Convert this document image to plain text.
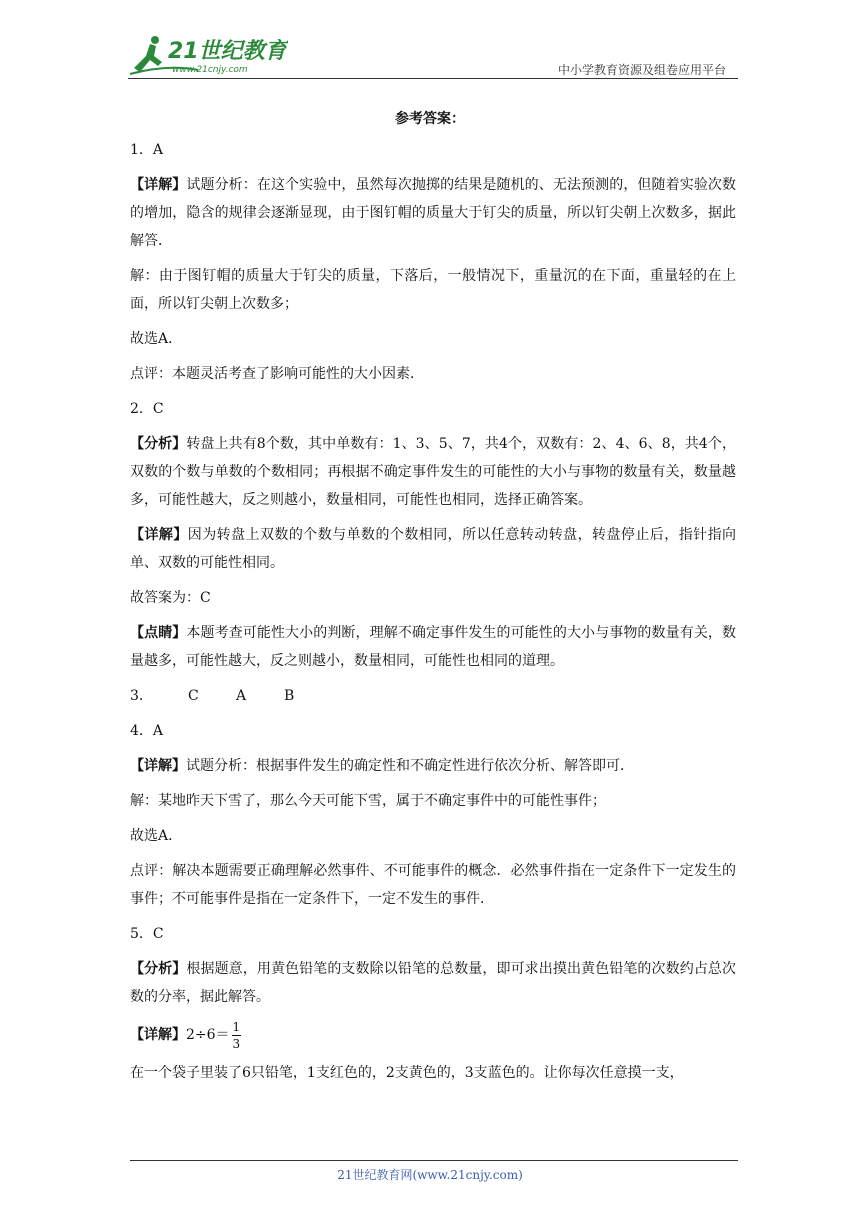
21世纪教育
www.21cnjy.com	中小学教育资源及组卷应用平台
参考答案：

1．A

【详解】试题分析：在这个实验中，虽然每次抛掷的结果是随机的、无法预测的，但随着实验次数的增加，隐含的规律会逐渐显现，由于图钉帽的质量大于钉尖的质量，所以钉尖朝上次数多，据此解答．

解：由于图钉帽的质量大于钉尖的质量，下落后，一般情况下，重量沉的在下面，重量轻的在上面，所以钉尖朝上次数多；

故选A．

点评：本题灵活考查了影响可能性的大小因素．

2．C

【分析】转盘上共有8个数，其中单数有：1、3、5、7，共4个，双数有：2、4、6、8，共4个，双数的个数与单数的个数相同；再根据不确定事件发生的可能性的大小与事物的数量有关，数量越多，可能性越大，反之则越小，数量相同，可能性也相同，选择正确答案。

【详解】因为转盘上双数的个数与单数的个数相同，所以任意转动转盘，转盘停止后，指针指向单、双数的可能性相同。

故答案为：C

【点睛】本题考查可能性大小的判断，理解不确定事件发生的可能性的大小与事物的数量有关，数量越多，可能性越大，反之则越小，数量相同，可能性也相同的道理。

3．	C	A	B

4．A

【详解】试题分析：根据事件发生的确定性和不确定性进行依次分析、解答即可．

解：某地昨天下雪了，那么今天可能下雪，属于不确定事件中的可能性事件；

故选A．

点评：解决本题需要正确理解必然事件、不可能事件的概念．必然事件指在一定条件下一定发生的事件；不可能事件是指在一定条件下，一定不发生的事件．

5．C

【分析】根据题意，用黄色铅笔的支数除以铅笔的总数量，即可求出摸出黄色铅笔的次数约占总次数的分率，据此解答。

【详解】$2\div 6= \frac{1}{3}$

在一个袋子里装了6只铅笔，1支红色的，2支黄色的，3支蓝色的。让你每次任意摸一支，

21世纪教育网(www.21cnjy.com)
